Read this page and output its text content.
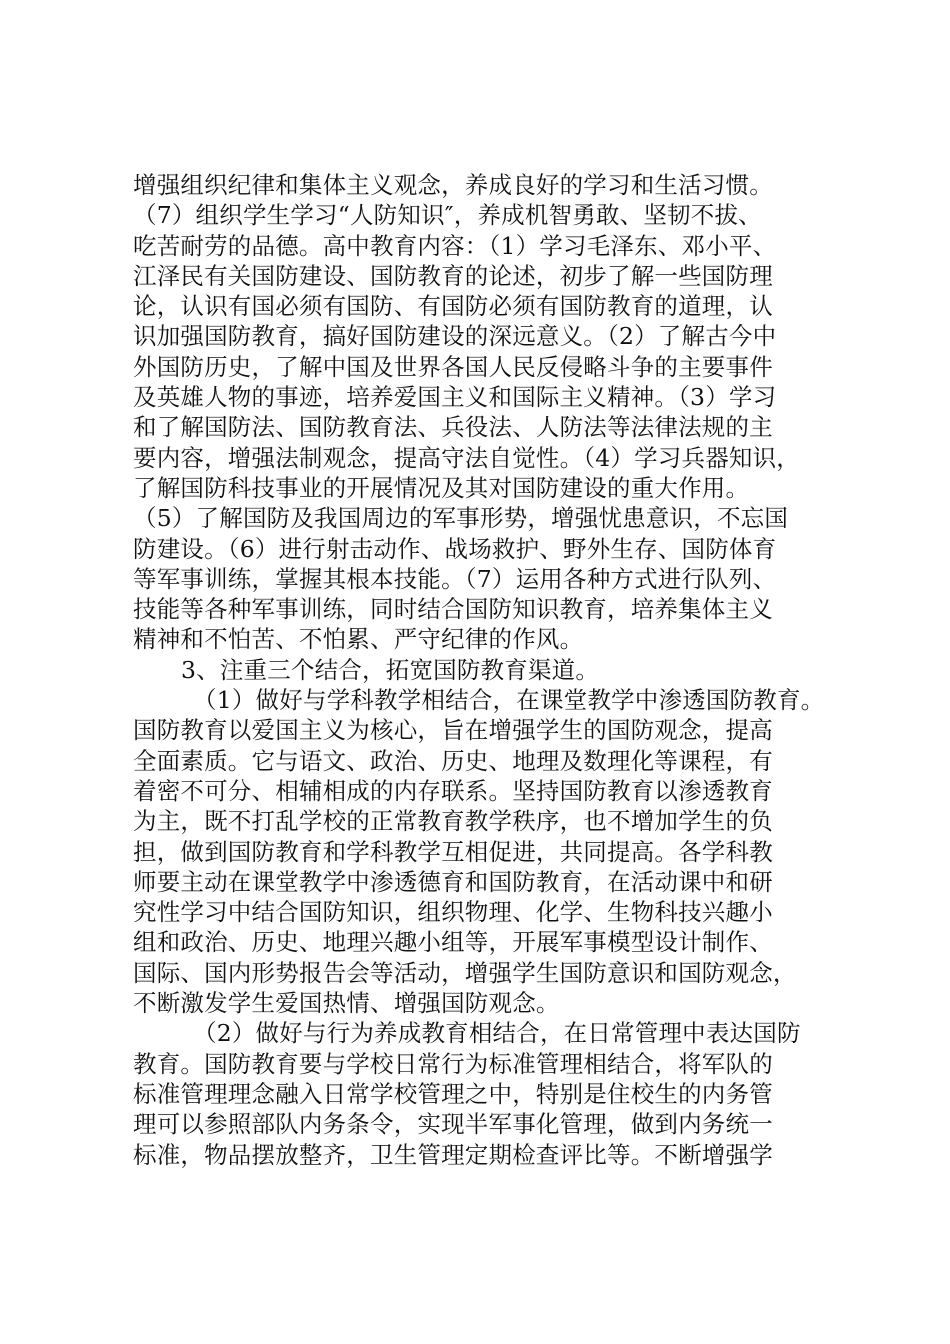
增强组织纪律和集体主义观念，养成良好的学习和生活习惯。
（7）组织学生学习“人防知识″，养成机智勇敢、坚韧不拔、
吃苦耐劳的品德。高中教育内容：（1）学习毛泽东、邓小平、
江泽民有关国防建设、国防教育的论述，初步了解一些国防理
论，认识有国必须有国防、有国防必须有国防教育的道理，认
识加强国防教育，搞好国防建设的深远意义。（2）了解古今中
外国防历史，了解中国及世界各国人民反侵略斗争的主要事件
及英雄人物的事迹，培养爱国主义和国际主义精神。（3）学习
和了解国防法、国防教育法、兵役法、人防法等法律法规的主
要内容，增强法制观念，提高守法自觉性。（4）学习兵器知识，
了解国防科技事业的开展情况及其对国防建设的重大作用。
（5）了解国防及我国周边的军事形势，增强忧患意识，不忘国
防建设。（6）进行射击动作、战场救护、野外生存、国防体育
等军事训练，掌握其根本技能。（7）运用各种方式进行队列、
技能等各种军事训练，同时结合国防知识教育，培养集体主义
精神和不怕苦、不怕累、严守纪律的作风。
3、注重三个结合，拓宽国防教育渠道。
（1）做好与学科教学相结合，在课堂教学中渗透国防教育。
国防教育以爱国主义为核心，旨在增强学生的国防观念，提高
全面素质。它与语文、政治、历史、地理及数理化等课程，有
着密不可分、相辅相成的内存联系。坚持国防教育以渗透教育
为主，既不打乱学校的正常教育教学秩序，也不增加学生的负
担，做到国防教育和学科教学互相促进，共同提高。各学科教
师要主动在课堂教学中渗透德育和国防教育，在活动课中和研
究性学习中结合国防知识，组织物理、化学、生物科技兴趣小
组和政治、历史、地理兴趣小组等，开展军事模型设计制作、
国际、国内形势报告会等活动，增强学生国防意识和国防观念，
不断激发学生爱国热情、增强国防观念。
（2）做好与行为养成教育相结合，在日常管理中表达国防
教育。国防教育要与学校日常行为标准管理相结合，将军队的
标准管理理念融入日常学校管理之中，特别是住校生的内务管
理可以参照部队内务条令，实现半军事化管理，做到内务统一
标准，物品摆放整齐，卫生管理定期检查评比等。不断增强学
